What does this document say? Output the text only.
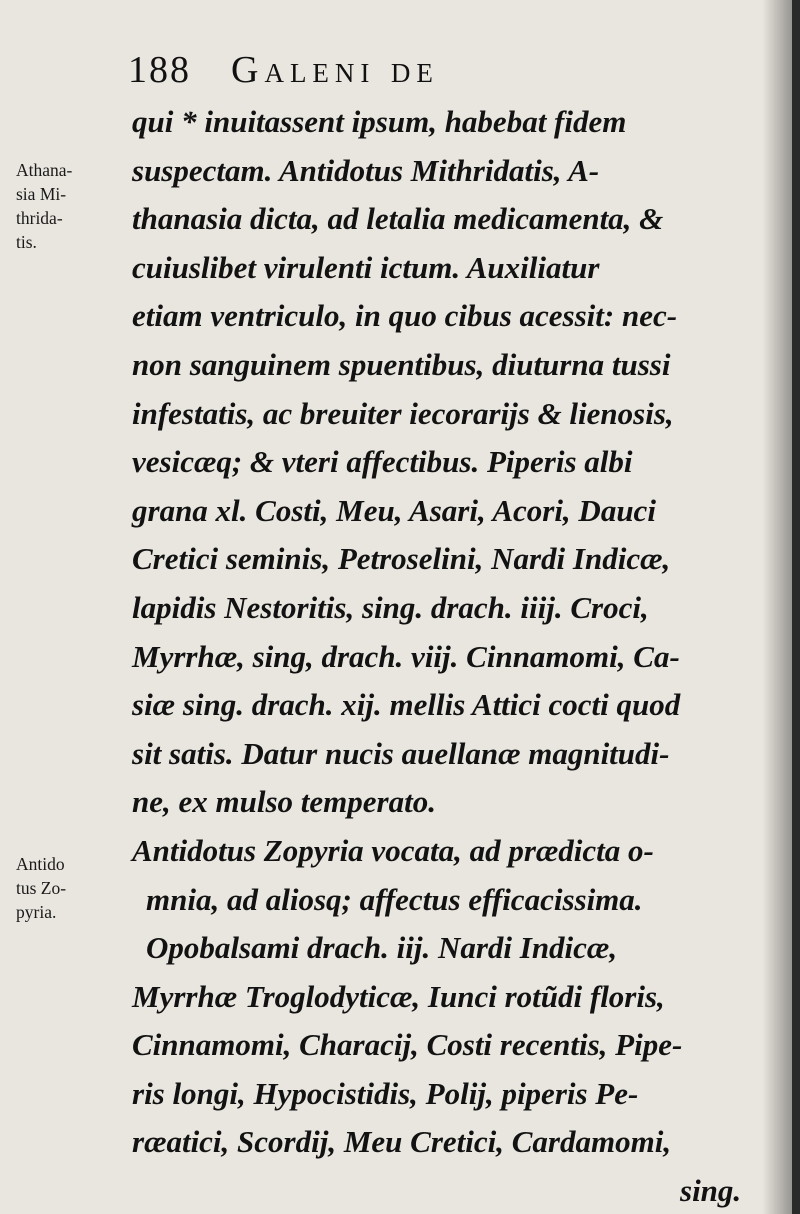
188 Galeni de
Athana-
sia Mi-
thrida-
tis.
Antido
tus Zo-
pyria.
qui * inuitassent ipsum, habebat fidem
suspectam. Antidotus Mithridatis, A-
thanasia dicta, ad letalia medicamenta, &
cuiuslibet virulenti ictum. Auxiliatur
etiam ventriculo, in quo cibus acessit: nec-
non sanguinem spuentibus, diuturna tussi
infestatis, ac breuiter iecorarijs & lienosis,
vesicæq; & vteri affectibus. Piperis albi
grana xl. Costi, Meu, Asari, Acori, Dauci
Cretici seminis, Petroselini, Nardi Indicæ,
lapidis Nestoritis, sing. drach. iiij. Croci,
Myrrhæ, sing, drach. viij. Cinnamomi, Ca-
siæ sing. drach. xij. mellis Attici cocti quod
sit satis. Datur nucis auellanæ magnitudi-
ne, ex mulso temperato.
Antidotus Zopyria vocata, ad prædicta o-
mnia, ad aliosq; affectus efficacissima.
Opobalsami drach. iij. Nardi Indicæ,
Myrrhæ Troglodyticæ, Iunci rotũdi floris,
Cinnamomi, Characij, Costi recentis, Pipe-
ris longi, Hypocistidis, Polij, piperis Pe-
ræatici, Scordij, Meu Cretici, Cardamomi,
sing.
